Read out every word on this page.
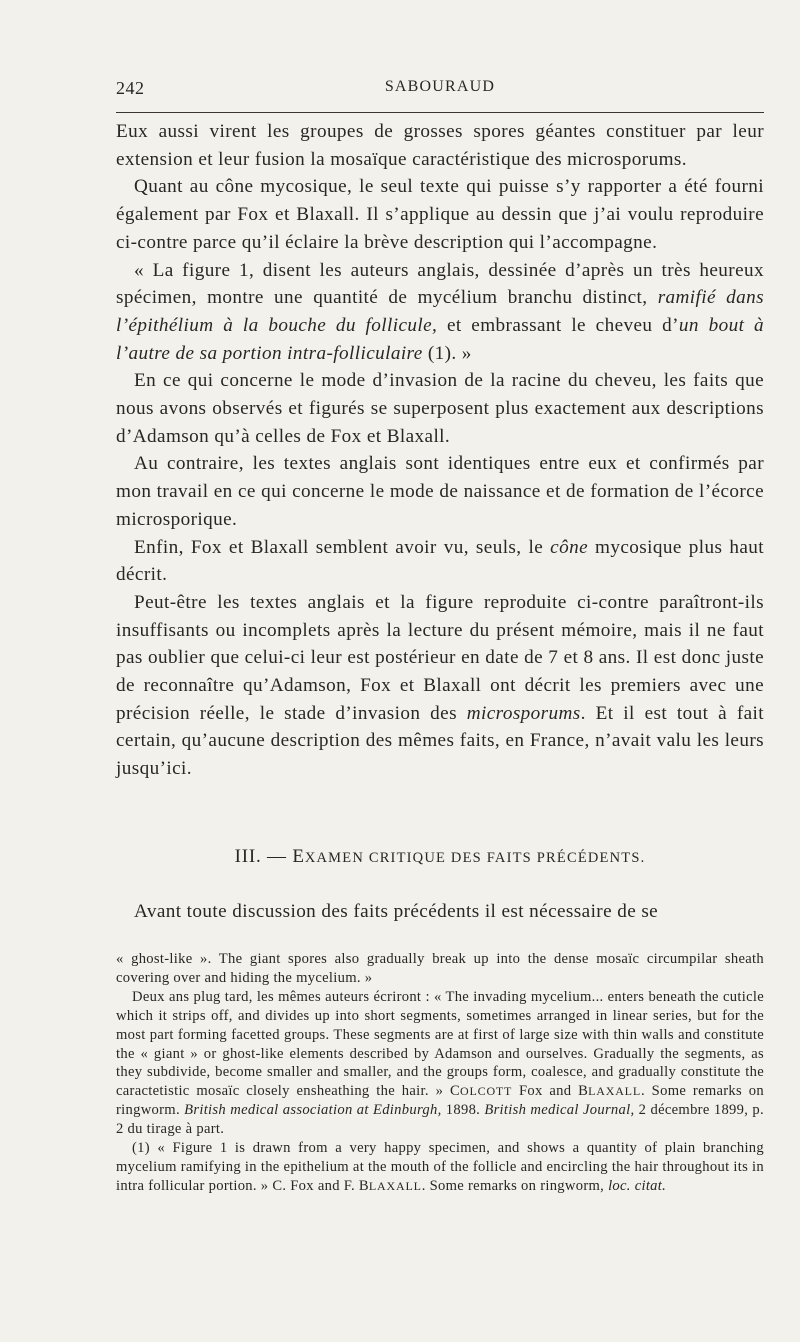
242	SABOURAUD

Eux aussi virent les groupes de grosses spores géantes constituer par leur extension et leur fusion la mosaïque caractéristique des microsporums.

Quant au cône mycosique, le seul texte qui puisse s’y rapporter a été fourni également par Fox et Blaxall. Il s’applique au dessin que j’ai voulu reproduire ci-contre parce qu’il éclaire la brève description qui l’accompagne.

« La figure 1, disent les auteurs anglais, dessinée d’après un très heureux spécimen, montre une quantité de mycélium branchu distinct, ramifié dans l’épithélium à la bouche du follicule, et embrassant le cheveu d’un bout à l’autre de sa portion intra-folliculaire (1). »

En ce qui concerne le mode d’invasion de la racine du cheveu, les faits que nous avons observés et figurés se superposent plus exactement aux descriptions d’Adamson qu’à celles de Fox et Blaxall.

Au contraire, les textes anglais sont identiques entre eux et confirmés par mon travail en ce qui concerne le mode de naissance et de formation de l’écorce microsporique.

Enfin, Fox et Blaxall semblent avoir vu, seuls, le cône mycosique plus haut décrit.

Peut-être les textes anglais et la figure reproduite ci-contre paraîtront-ils insuffisants ou incomplets après la lecture du présent mémoire, mais il ne faut pas oublier que celui-ci leur est postérieur en date de 7 et 8 ans. Il est donc juste de reconnaître qu’Adamson, Fox et Blaxall ont décrit les premiers avec une précision réelle, le stade d’invasion des microsporums. Et il est tout à fait certain, qu’aucune description des mêmes faits, en France, n’avait valu les leurs jusqu’ici.

III. — EXAMEN CRITIQUE DES FAITS PRÉCÉDENTS.

Avant toute discussion des faits précédents il est nécessaire de se

« ghost-like ». The giant spores also gradually break up into the dense mosaïc circumpilar sheath covering over and hiding the mycelium. »

Deux ans plug tard, les mêmes auteurs écriront : « The invading mycelium... enters beneath the cuticle which it strips off, and divides up into short segments, sometimes arranged in linear series, but for the most part forming facetted groups. These segments are at first of large size with thin walls and constitute the « giant » or ghost-like elements described by Adamson and ourselves. Gradually the segments, as they subdivide, become smaller and smaller, and the groups form, coalesce, and gradually constitute the caractetistic mosaïc closely ensheathing the hair. » COLCOTT Fox and BLAXALL. Some remarks on ringworm. British medical association at Edinburgh, 1898. British medical Journal, 2 décembre 1899, p. 2 du tirage à part.

(1) « Figure 1 is drawn from a very happy specimen, and shows a quantity of plain branching mycelium ramifying in the epithelium at the mouth of the follicle and encircling the hair throughout its in intra follicular portion. » C. Fox and F. BLAXALL. Some remarks on ringworm, loc. citat.
